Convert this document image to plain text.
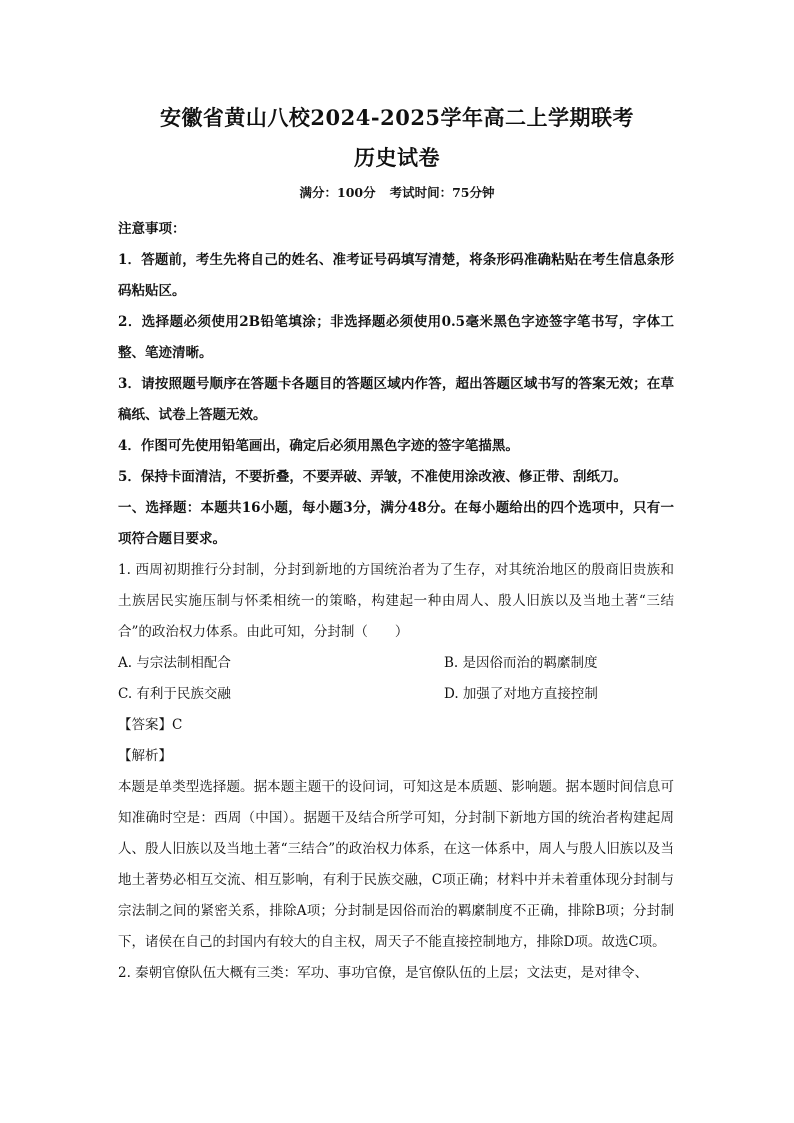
安徽省黄山八校2024-2025学年高二上学期联考
历史试卷
满分：100分 考试时间：75分钟
注意事项：
1．答题前，考生先将自己的姓名、准考证号码填写清楚，将条形码准确粘贴在考生信息条形码粘贴区。
2．选择题必须使用2B铅笔填涂；非选择题必须使用0.5毫米黑色字迹签字笔书写，字体工整、笔迹清晰。
3．请按照题号顺序在答题卡各题目的答题区域内作答，超出答题区域书写的答案无效；在草稿纸、试卷上答题无效。
4．作图可先使用铅笔画出，确定后必须用黑色字迹的签字笔描黑。
5．保持卡面清洁，不要折叠，不要弄破、弄皱，不准使用涂改液、修正带、刮纸刀。
一、选择题：本题共16小题，每小题3分，满分48分。在每小题给出的四个选项中，只有一项符合题目要求。
1. 西周初期推行分封制，分封到新地的方国统治者为了生存，对其统治地区的殷商旧贵族和土族居民实施压制与怀柔相统一的策略，构建起一种由周人、殷人旧族以及当地土著“三结合”的政治权力体系。由此可知，分封制（　　）
A. 与宗法制相配合	B. 是因俗而治的羁縻制度
C. 有利于民族交融	D. 加强了对地方直接控制
【答案】C
【解析】
本题是单类型选择题。据本题主题干的设问词，可知这是本质题、影响题。据本题时间信息可知准确时空是：西周（中国）。据题干及结合所学可知，分封制下新地方国的统治者构建起周人、殷人旧族以及当地土著“三结合”的政治权力体系，在这一体系中，周人与殷人旧族以及当地土著势必相互交流、相互影响，有利于民族交融，C项正确；材料中并未着重体现分封制与宗法制之间的紧密关系，排除A项；分封制是因俗而治的羁縻制度不正确，排除B项；分封制下，诸侯在自己的封国内有较大的自主权，周天子不能直接控制地方，排除D项。故选C项。
2. 秦朝官僚队伍大概有三类：军功、事功官僚，是官僚队伍的上层；文法吏，是对律令、
